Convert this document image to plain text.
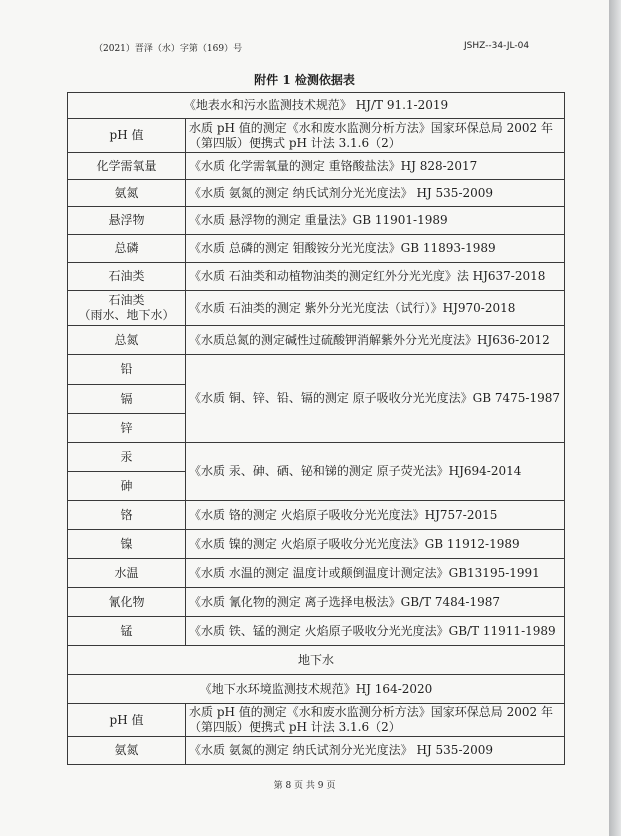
（2021）晋泽（水）字第（169）号	JSHZ--34-JL-04
附件 1 检测依据表
《地表水和污水监测技术规范》 HJ/T 91.1-2019	
pH 值	水质 pH 值的测定《水和废水监测分析方法》国家环保总局 2002 年（第四版）便携式 pH 计法 3.1.6（2）
化学需氧量	《水质 化学需氧量的测定 重铬酸盐法》HJ 828-2017
氨氮	《水质 氨氮的测定 纳氏试剂分光光度法》 HJ 535-2009
悬浮物	《水质 悬浮物的测定 重量法》GB 11901-1989
总磷	《水质 总磷的测定 钼酸铵分光光度法》GB 11893-1989
石油类	《水质 石油类和动植物油类的测定红外分光光度》法 HJ637-2018
石油类
（雨水、地下水）	《水质 石油类的测定 紫外分光光度法（试行）》HJ970-2018
总氮	《水质总氮的测定碱性过硫酸钾消解紫外分光光度法》HJ636-2012
铅	《水质 铜、锌、铅、镉的测定 原子吸收分光光度法》GB 7475-1987
镉	
锌	
汞	《水质 汞、砷、硒、铋和锑的测定 原子荧光法》HJ694-2014
砷	
铬	《水质 铬的测定 火焰原子吸收分光光度法》HJ757-2015
镍	《水质 镍的测定 火焰原子吸收分光光度法》GB 11912-1989
水温	《水质 水温的测定 温度计或颠倒温度计测定法》GB13195-1991
氰化物	《水质 氰化物的测定 离子选择电极法》GB/T 7484-1987
锰	《水质 铁、锰的测定 火焰原子吸收分光光度法》GB/T 11911-1989
地下水	
《地下水环境监测技术规范》HJ 164-2020	
pH 值	水质 pH 值的测定《水和废水监测分析方法》国家环保总局 2002 年（第四版）便携式 pH 计法 3.1.6（2）
氨氮	《水质 氨氮的测定 纳氏试剂分光光度法》 HJ 535-2009
第 8 页 共 9 页
